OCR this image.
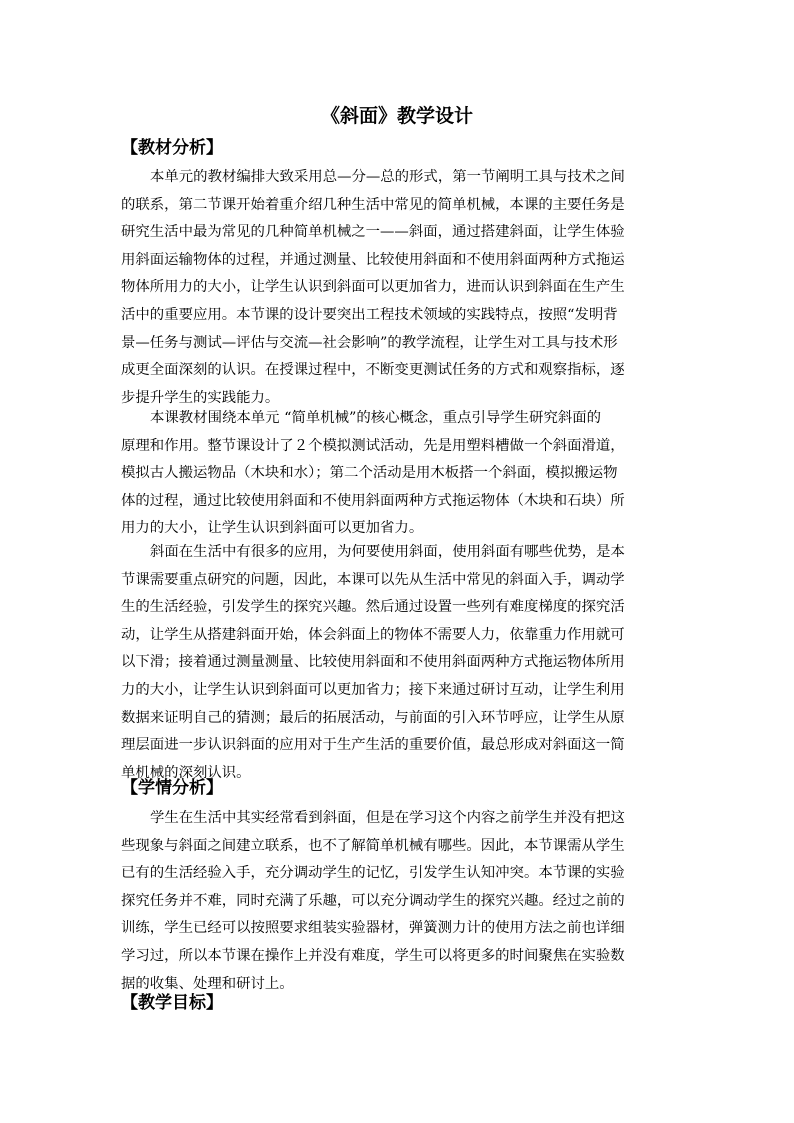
《斜面》教学设计
【教材分析】
本单元的教材编排大致采用总—分—总的形式，第一节阐明工具与技术之间
的联系，第二节课开始着重介绍几种生活中常见的简单机械，本课的主要任务是
研究生活中最为常见的几种简单机械之一——斜面，通过搭建斜面，让学生体验
用斜面运输物体的过程，并通过测量、比较使用斜面和不使用斜面两种方式拖运
物体所用力的大小，让学生认识到斜面可以更加省力，进而认识到斜面在生产生
活中的重要应用。本节课的设计要突出工程技术领域的实践特点，按照“发明背
景—任务与测试—评估与交流—社会影响”的教学流程，让学生对工具与技术形
成更全面深刻的认识。在授课过程中，不断变更测试任务的方式和观察指标，逐
步提升学生的实践能力。
本课教材围绕本单元 “简单机械”的核心概念，重点引导学生研究斜面的
原理和作用。整节课设计了２个模拟测试活动，先是用塑料槽做一个斜面滑道，
模拟古人搬运物品（木块和水）；第二个活动是用木板搭一个斜面，模拟搬运物
体的过程，通过比较使用斜面和不使用斜面两种方式拖运物体（木块和石块）所
用力的大小，让学生认识到斜面可以更加省力。
斜面在生活中有很多的应用，为何要使用斜面，使用斜面有哪些优势，是本
节课需要重点研究的问题，因此，本课可以先从生活中常见的斜面入手，调动学
生的生活经验，引发学生的探究兴趣。然后通过设置一些列有难度梯度的探究活
动，让学生从搭建斜面开始，体会斜面上的物体不需要人力，依靠重力作用就可
以下滑；接着通过测量测量、比较使用斜面和不使用斜面两种方式拖运物体所用
力的大小，让学生认识到斜面可以更加省力；接下来通过研讨互动，让学生利用
数据来证明自己的猜测；最后的拓展活动，与前面的引入环节呼应，让学生从原
理层面进一步认识斜面的应用对于生产生活的重要价值，最总形成对斜面这一简
单机械的深刻认识。
【学情分析】
学生在生活中其实经常看到斜面，但是在学习这个内容之前学生并没有把这
些现象与斜面之间建立联系，也不了解简单机械有哪些。因此，本节课需从学生
已有的生活经验入手，充分调动学生的记忆，引发学生认知冲突。本节课的实验
探究任务并不难，同时充满了乐趣，可以充分调动学生的探究兴趣。经过之前的
训练，学生已经可以按照要求组装实验器材，弹簧测力计的使用方法之前也详细
学习过，所以本节课在操作上并没有难度，学生可以将更多的时间聚焦在实验数
据的收集、处理和研讨上。
【教学目标】
